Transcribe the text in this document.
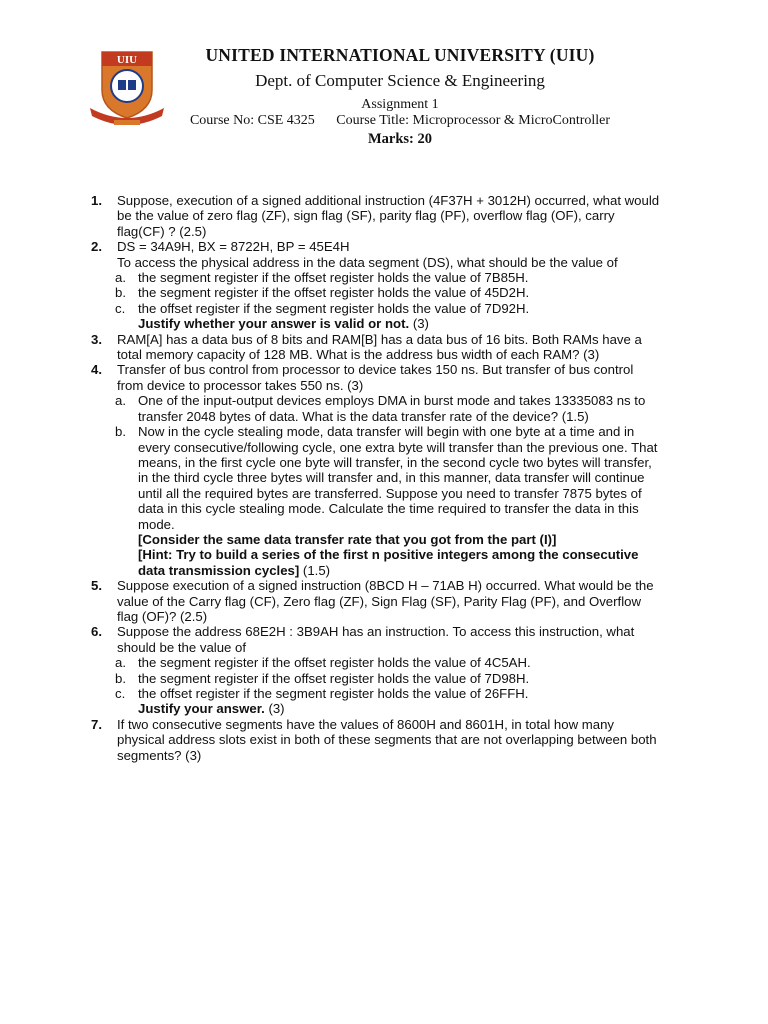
UIU	UNITED INTERNATIONAL UNIVERSITY (UIU)
Dept. of Computer Science & Engineering
Assignment 1
Course No: CSE 4325 Course Title: Microprocessor & MicroController
Marks: 20
1.	Suppose, execution of a signed additional instruction (4F37H + 3012H) occurred, what would be the value of zero flag (ZF), sign flag (SF), parity flag (PF), overflow flag (OF), carry flag(CF) ? (2.5)
2.	DS = 34A9H, BX = 8722H, BP = 45E4H
To access the physical address in the data segment (DS), what should be the value of
a. the segment register if the offset register holds the value of 7B85H.
b. the segment register if the offset register holds the value of 45D2H.
c. the offset register if the segment register holds the value of 7D92H.
Justify whether your answer is valid or not. (3)
3.	RAM[A] has a data bus of 8 bits and RAM[B] has a data bus of 16 bits. Both RAMs have a total memory capacity of 128 MB. What is the address bus width of each RAM? (3)
4.	Transfer of bus control from processor to device takes 150 ns. But transfer of bus control from device to processor takes 550 ns. (3)
a. One of the input-output devices employs DMA in burst mode and takes 13335083 ns to transfer 2048 bytes of data. What is the data transfer rate of the device? (1.5)
b. Now in the cycle stealing mode, data transfer will begin with one byte at a time and in every consecutive/following cycle, one extra byte will transfer than the previous one. That means, in the first cycle one byte will transfer, in the second cycle two bytes will transfer, in the third cycle three bytes will transfer and, in this manner, data transfer will continue until all the required bytes are transferred. Suppose you need to transfer 7875 bytes of data in this cycle stealing mode. Calculate the time required to transfer the data in this mode.
[Consider the same data transfer rate that you got from the part (I)]
[Hint: Try to build a series of the first n positive integers among the consecutive data transmission cycles] (1.5)
5.	Suppose execution of a signed instruction (8BCD H – 71AB H) occurred. What would be the value of the Carry flag (CF), Zero flag (ZF), Sign Flag (SF), Parity Flag (PF), and Overflow flag (OF)? (2.5)
6.	Suppose the address 68E2H : 3B9AH has an instruction. To access this instruction, what should be the value of
a. the segment register if the offset register holds the value of 4C5AH.
b. the segment register if the offset register holds the value of 7D98H.
c. the offset register if the segment register holds the value of 26FFH.
Justify your answer. (3)
7.	If two consecutive segments have the values of 8600H and 8601H, in total how many physical address slots exist in both of these segments that are not overlapping between both segments? (3)
